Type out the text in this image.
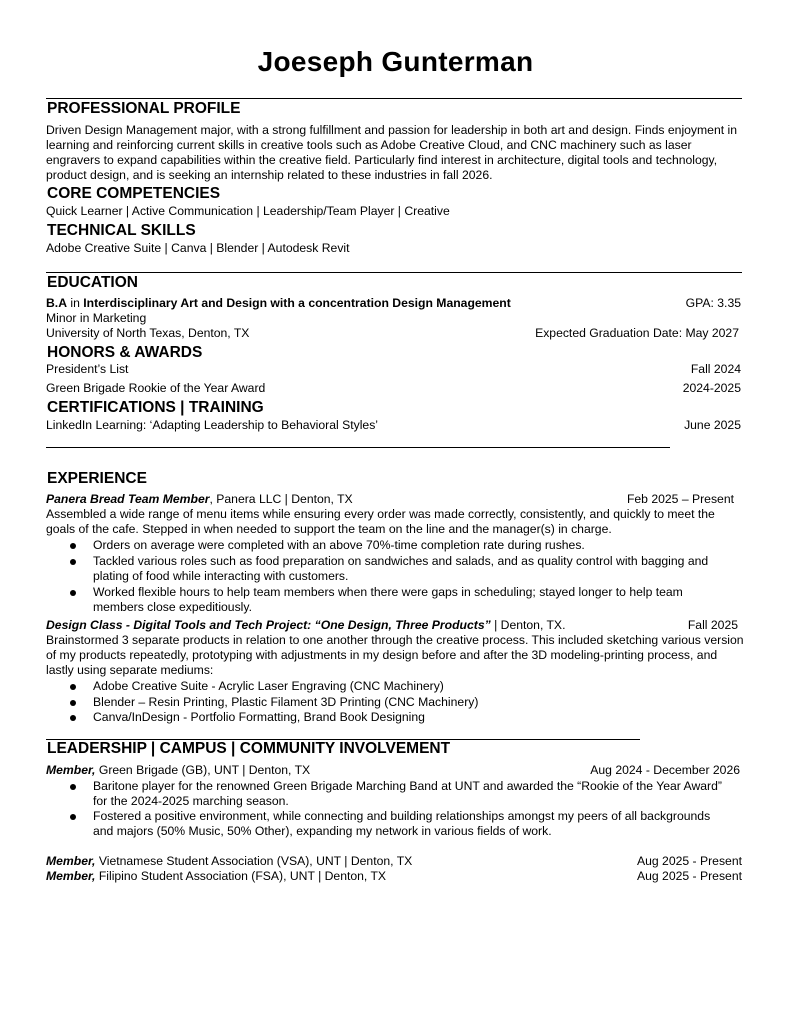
Joeseph Gunterman
PROFESSIONAL PROFILE
Driven Design Management major, with a strong fulfillment and passion for leadership in both art and design. Finds enjoyment in learning and reinforcing current skills in creative tools such as Adobe Creative Cloud, and CNC machinery such as laser engravers to expand capabilities within the creative field. Particularly find interest in architecture, digital tools and technology, product design, and is seeking an internship related to these industries in fall 2026.
CORE COMPETENCIES
Quick Learner | Active Communication | Leadership/Team Player | Creative
TECHNICAL SKILLS
Adobe Creative Suite | Canva | Blender | Autodesk Revit
EDUCATION
B.A in Interdisciplinary Art and Design with a concentration Design Management	GPA: 3.35
Minor in Marketing
University of North Texas, Denton, TX	Expected Graduation Date: May 2027
HONORS & AWARDS
President’s List	Fall 2024
Green Brigade Rookie of the Year Award	2024-2025
CERTIFICATIONS | TRAINING
LinkedIn Learning: ‘Adapting Leadership to Behavioral Styles’	June 2025
EXPERIENCE
Panera Bread Team Member, Panera LLC | Denton, TX	Feb 2025 – Present
Assembled a wide range of menu items while ensuring every order was made correctly, consistently, and quickly to meet the goals of the cafe. Stepped in when needed to support the team on the line and the manager(s) in charge.
Orders on average were completed with an above 70%-time completion rate during rushes.
Tackled various roles such as food preparation on sandwiches and salads, and as quality control with bagging and plating of food while interacting with customers.
Worked flexible hours to help team members when there were gaps in scheduling; stayed longer to help team members close expeditiously.
Design Class - Digital Tools and Tech Project: “One Design, Three Products” | Denton, TX.	Fall 2025
Brainstormed 3 separate products in relation to one another through the creative process. This included sketching various version of my products repeatedly, prototyping with adjustments in my design before and after the 3D modeling-printing process, and lastly using separate mediums:
Adobe Creative Suite - Acrylic Laser Engraving (CNC Machinery)
Blender – Resin Printing, Plastic Filament 3D Printing (CNC Machinery)
Canva/InDesign - Portfolio Formatting, Brand Book Designing
LEADERSHIP | CAMPUS | COMMUNITY INVOLVEMENT
Member, Green Brigade (GB), UNT | Denton, TX	Aug 2024 - December 2026
Baritone player for the renowned Green Brigade Marching Band at UNT and awarded the “Rookie of the Year Award” for the 2024-2025 marching season.
Fostered a positive environment, while connecting and building relationships amongst my peers of all backgrounds and majors (50% Music, 50% Other), expanding my network in various fields of work.
Member, Vietnamese Student Association (VSA), UNT | Denton, TX	Aug 2025 - Present
Member, Filipino Student Association (FSA), UNT | Denton, TX	Aug 2025 - Present
